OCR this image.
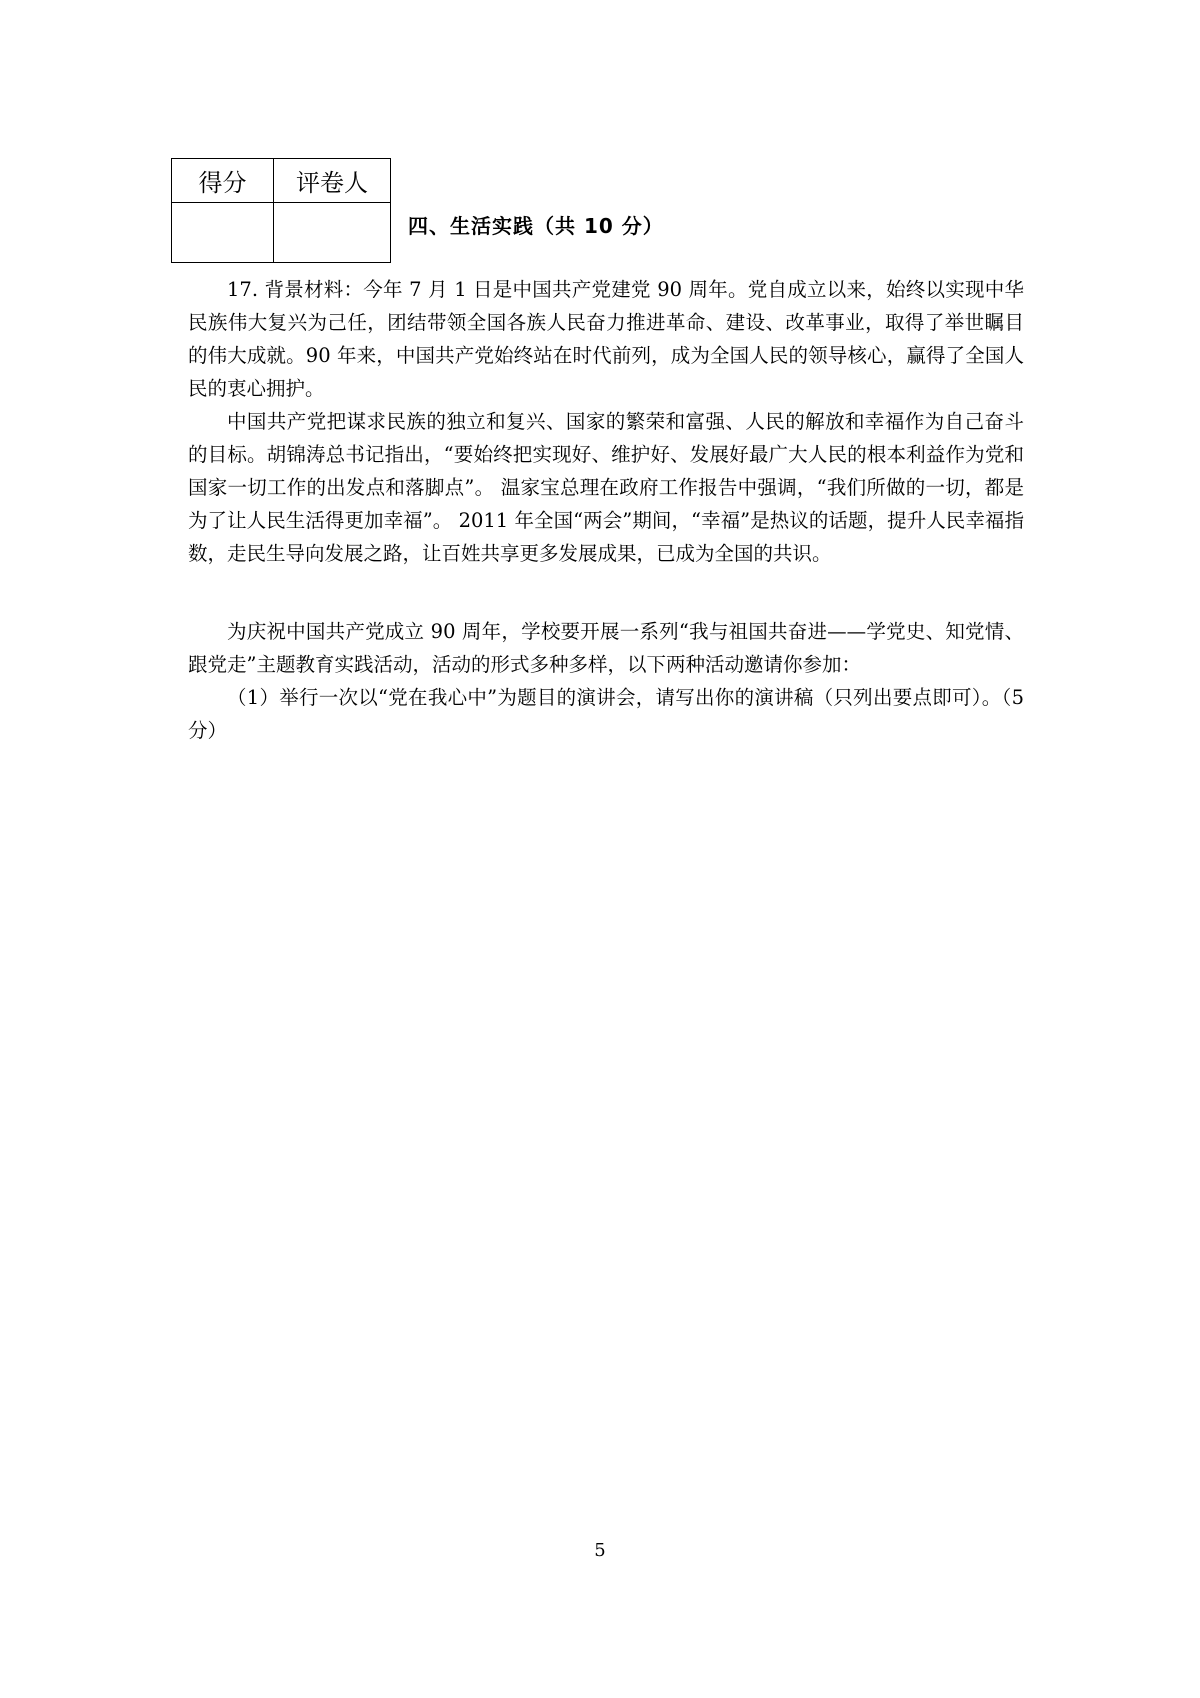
得分	评卷人

四、生活实践（共 10 分）

17. 背景材料：今年 7 月 1 日是中国共产党建党 90 周年。党自成立以来，始终以实现中华民族伟大复兴为己任，团结带领全国各族人民奋力推进革命、建设、改革事业，取得了举世瞩目的伟大成就。90 年来，中国共产党始终站在时代前列，成为全国人民的领导核心，赢得了全国人民的衷心拥护。

中国共产党把谋求民族的独立和复兴、国家的繁荣和富强、人民的解放和幸福作为自己奋斗的目标。胡锦涛总书记指出，“要始终把实现好、维护好、发展好最广大人民的根本利益作为党和国家一切工作的出发点和落脚点”。 温家宝总理在政府工作报告中强调，“我们所做的一切，都是为了让人民生活得更加幸福”。 2011 年全国“两会”期间，“幸福”是热议的话题，提升人民幸福指数，走民生导向发展之路，让百姓共享更多发展成果，已成为全国的共识。

为庆祝中国共产党成立 90 周年，学校要开展一系列“我与祖国共奋进——学党史、知党情、跟党走”主题教育实践活动，活动的形式多种多样，以下两种活动邀请你参加：

（1）举行一次以“党在我心中”为题目的演讲会，请写出你的演讲稿（只列出要点即可）。（5 分）

5
